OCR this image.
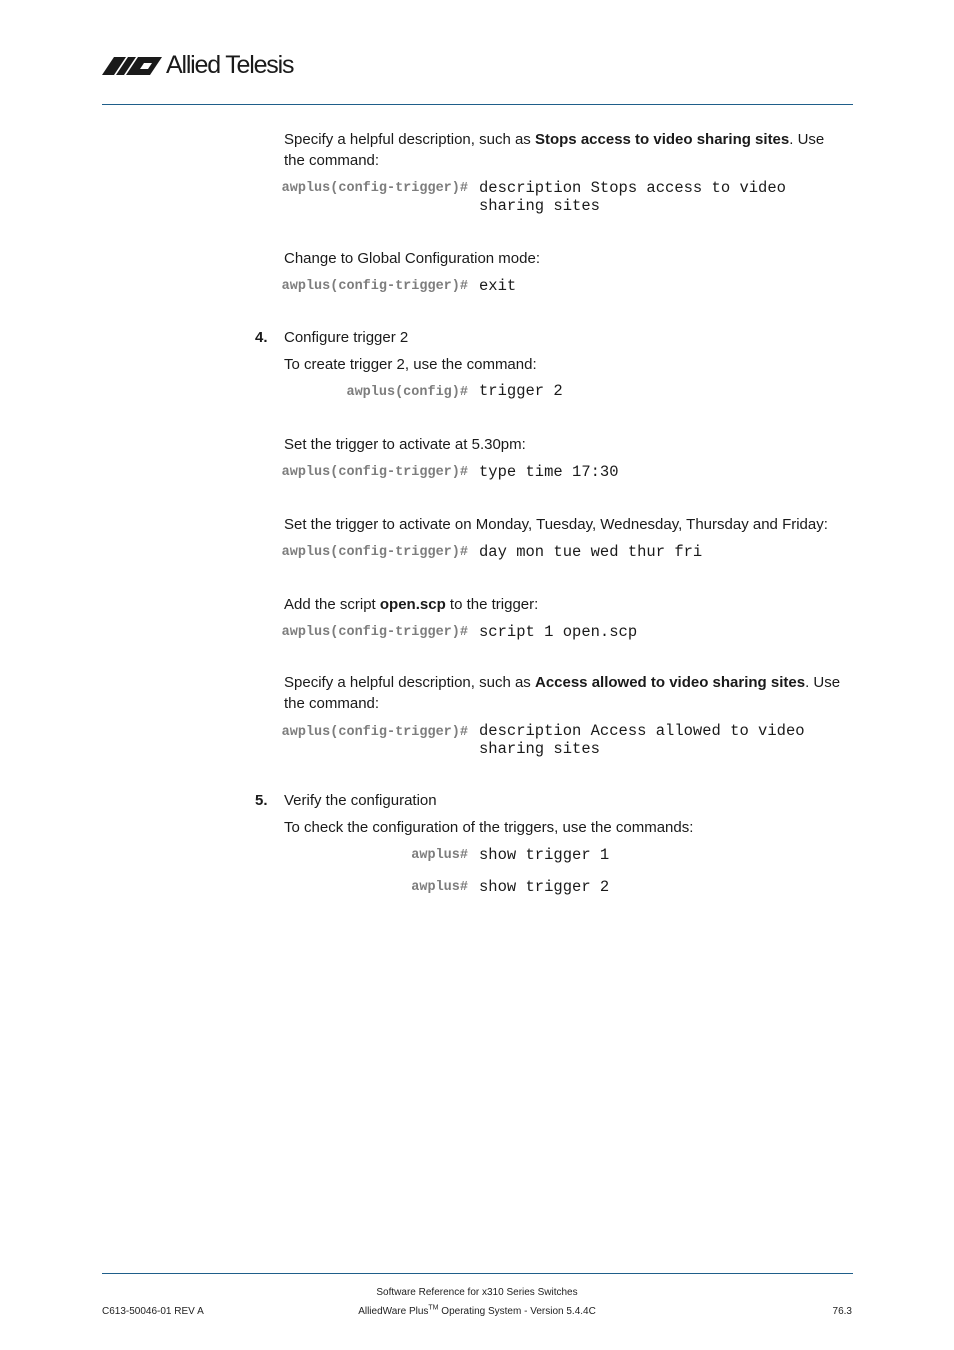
Allied Telesis
Specify a helpful description, such as Stops access to video sharing sites. Use the command:
awplus(config-trigger)# description Stops access to video
sharing sites
Change to Global Configuration mode:
awplus(config-trigger)# exit
4. Configure trigger 2
To create trigger 2, use the command:
awplus(config)# trigger 2
Set the trigger to activate at 5.30pm:
awplus(config-trigger)# type time 17:30
Set the trigger to activate on Monday, Tuesday, Wednesday, Thursday and Friday:
awplus(config-trigger)# day mon tue wed thur fri
Add the script open.scp to the trigger:
awplus(config-trigger)# script 1 open.scp
Specify a helpful description, such as Access allowed to video sharing sites. Use the command:
awplus(config-trigger)# description Access allowed to video
sharing sites
5. Verify the configuration
To check the configuration of the triggers, use the commands:
awplus# show trigger 1
awplus# show trigger 2
C613-50046-01 REV A
Software Reference for x310 Series Switches
AlliedWare Plus™ Operating System - Version 5.4.4C	76.3
